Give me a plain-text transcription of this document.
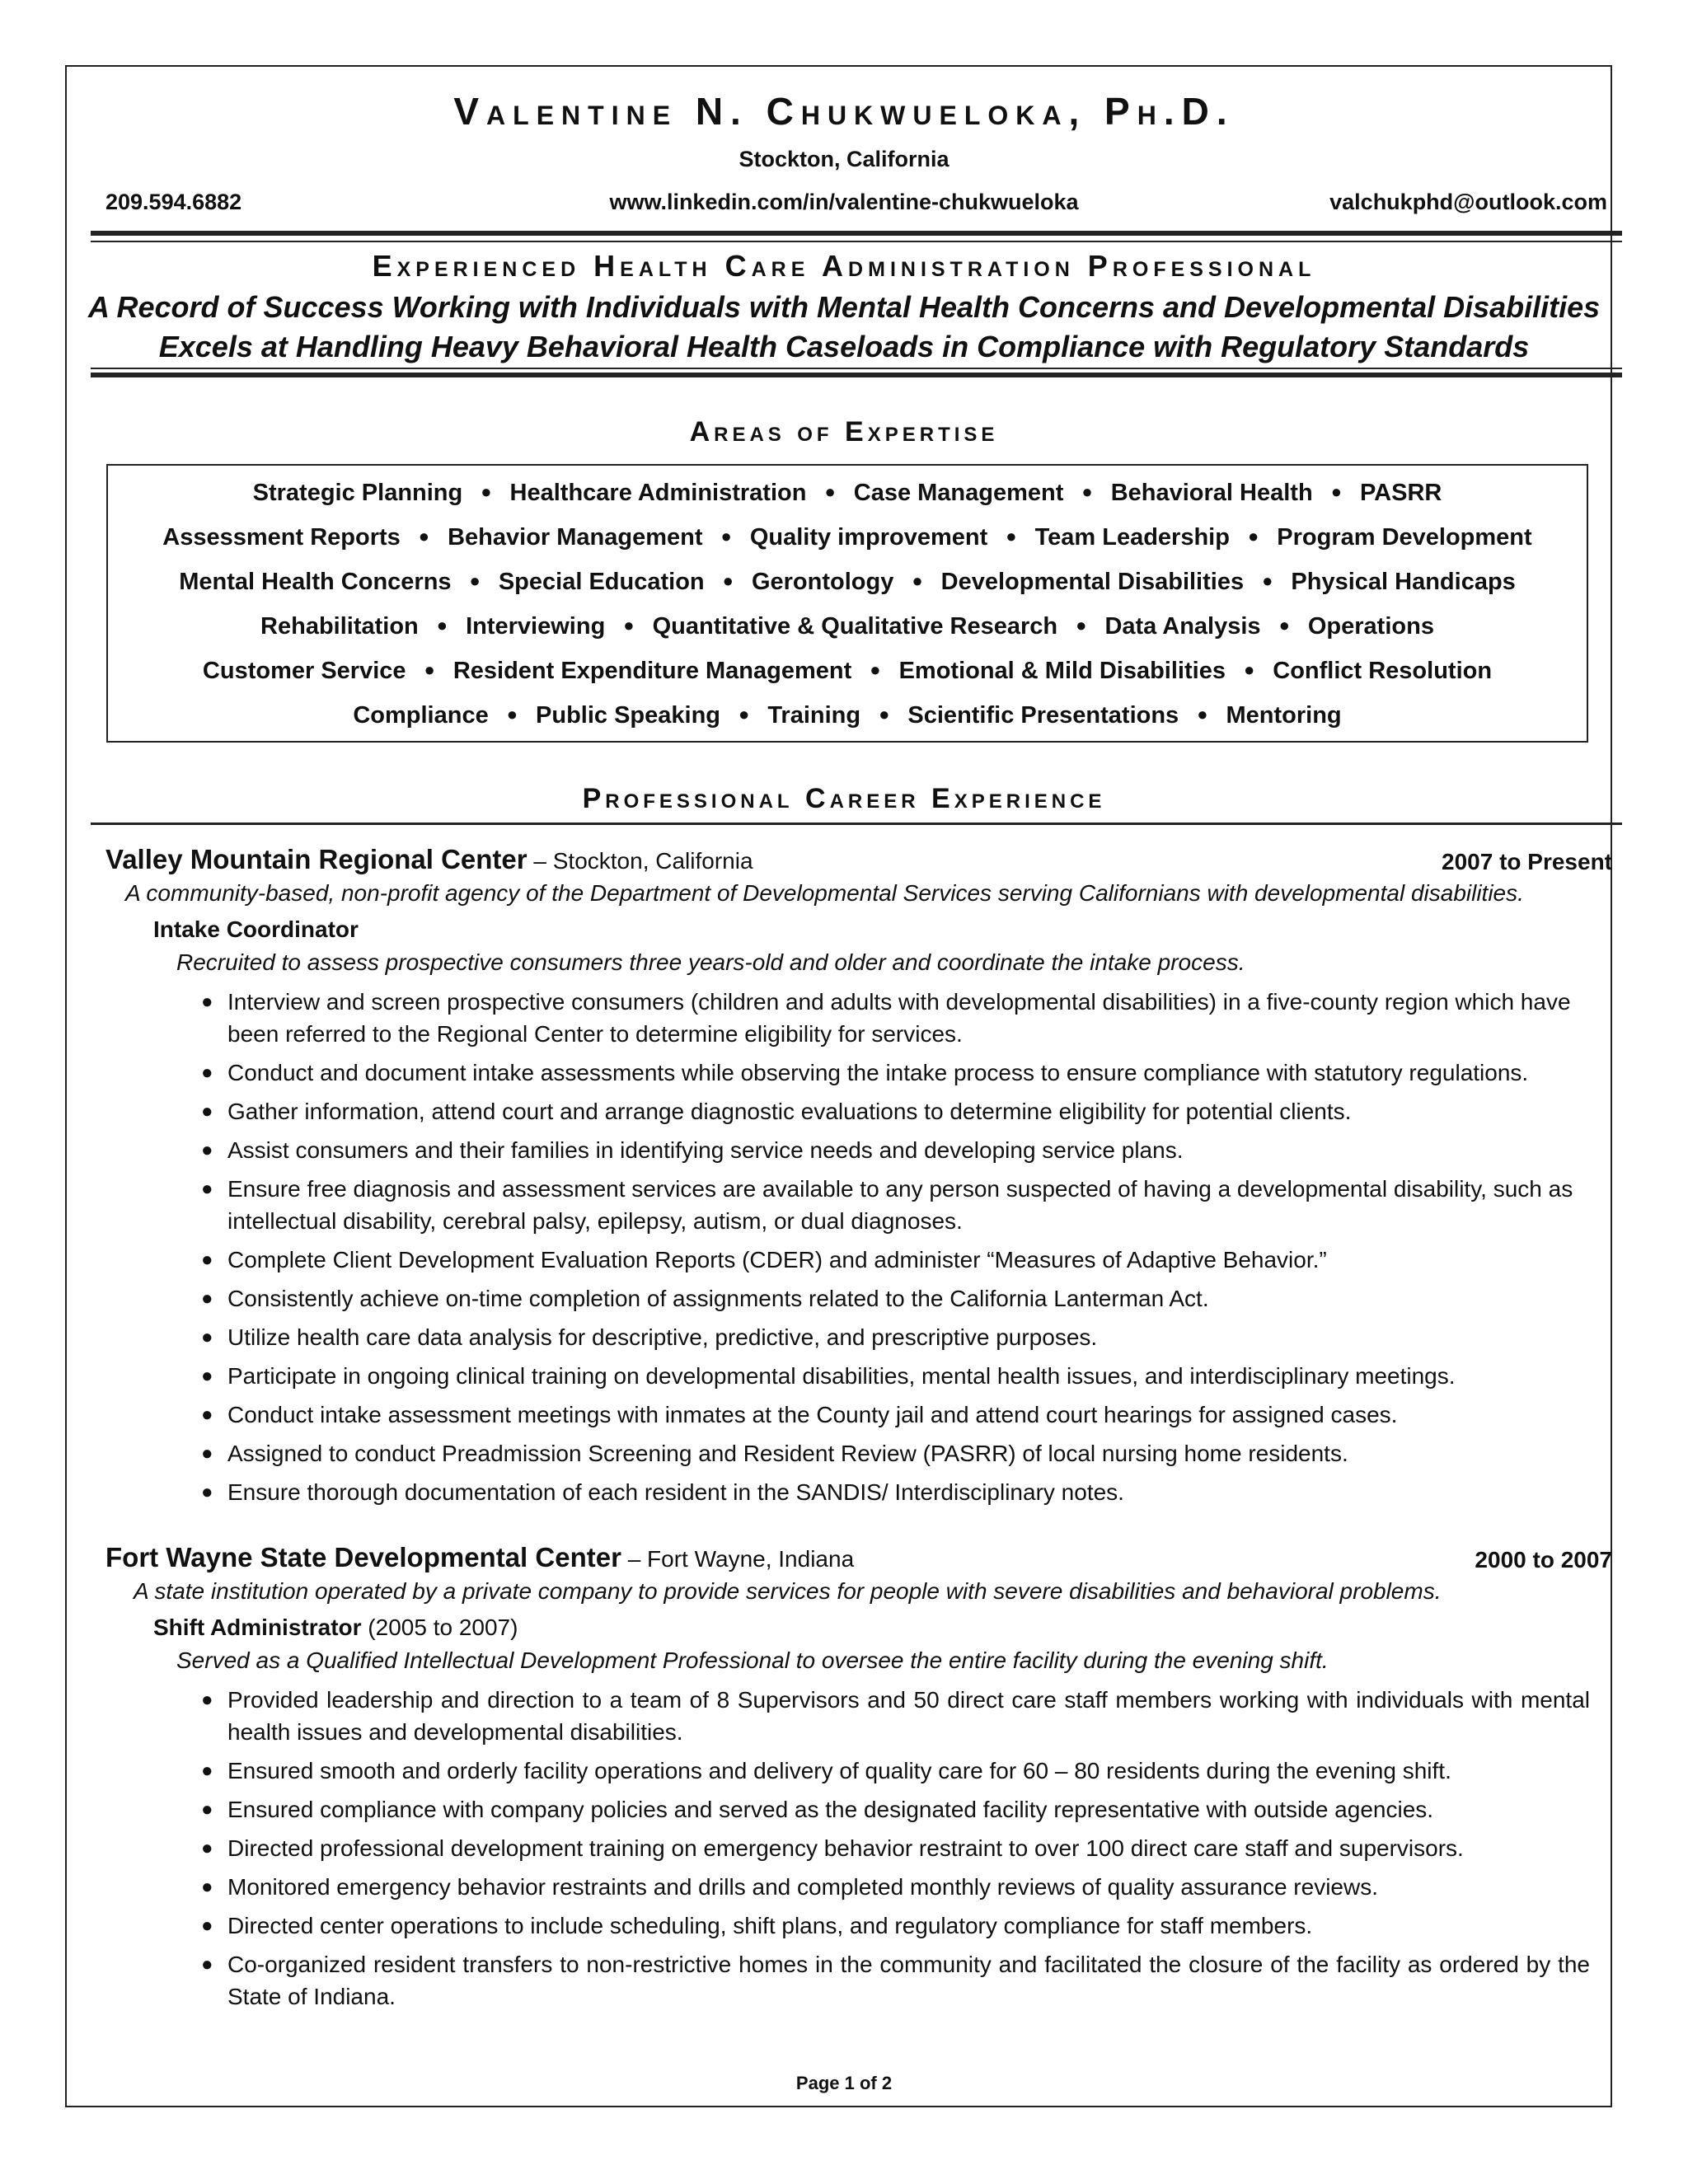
Valentine N. Chukwueloka, Ph.D.
Stockton, California
209.594.6882	www.linkedin.com/in/valentine-chukwueloka	valchukphd@outlook.com
Experienced Health Care Administration Professional
A Record of Success Working with Individuals with Mental Health Concerns and Developmental Disabilities
Excels at Handling Heavy Behavioral Health Caseloads in Compliance with Regulatory Standards
Areas of Expertise
Strategic Planning ● Healthcare Administration ● Case Management ● Behavioral Health ● PASRR
Assessment Reports ● Behavior Management ● Quality improvement ● Team Leadership ● Program Development
Mental Health Concerns ● Special Education ● Gerontology ● Developmental Disabilities ● Physical Handicaps
Rehabilitation ● Interviewing ● Quantitative & Qualitative Research ● Data Analysis ● Operations
Customer Service ● Resident Expenditure Management ● Emotional & Mild Disabilities ● Conflict Resolution
Compliance ● Public Speaking ● Training ● Scientific Presentations ● Mentoring
Professional Career Experience
Valley Mountain Regional Center – Stockton, California	2007 to Present
A community-based, non-profit agency of the Department of Developmental Services serving Californians with developmental disabilities.
Intake Coordinator
Recruited to assess prospective consumers three years-old and older and coordinate the intake process.
● Interview and screen prospective consumers (children and adults with developmental disabilities) in a five-county region which have been referred to the Regional Center to determine eligibility for services.
● Conduct and document intake assessments while observing the intake process to ensure compliance with statutory regulations.
● Gather information, attend court and arrange diagnostic evaluations to determine eligibility for potential clients.
● Assist consumers and their families in identifying service needs and developing service plans.
● Ensure free diagnosis and assessment services are available to any person suspected of having a developmental disability, such as intellectual disability, cerebral palsy, epilepsy, autism, or dual diagnoses.
● Complete Client Development Evaluation Reports (CDER) and administer “Measures of Adaptive Behavior.”
● Consistently achieve on-time completion of assignments related to the California Lanterman Act.
● Utilize health care data analysis for descriptive, predictive, and prescriptive purposes.
● Participate in ongoing clinical training on developmental disabilities, mental health issues, and interdisciplinary meetings.
● Conduct intake assessment meetings with inmates at the County jail and attend court hearings for assigned cases.
● Assigned to conduct Preadmission Screening and Resident Review (PASRR) of local nursing home residents.
● Ensure thorough documentation of each resident in the SANDIS/ Interdisciplinary notes.
Fort Wayne State Developmental Center – Fort Wayne, Indiana	2000 to 2007
A state institution operated by a private company to provide services for people with severe disabilities and behavioral problems.
Shift Administrator (2005 to 2007)
Served as a Qualified Intellectual Development Professional to oversee the entire facility during the evening shift.
● Provided leadership and direction to a team of 8 Supervisors and 50 direct care staff members working with individuals with mental health issues and developmental disabilities.
● Ensured smooth and orderly facility operations and delivery of quality care for 60 – 80 residents during the evening shift.
● Ensured compliance with company policies and served as the designated facility representative with outside agencies.
● Directed professional development training on emergency behavior restraint to over 100 direct care staff and supervisors.
● Monitored emergency behavior restraints and drills and completed monthly reviews of quality assurance reviews.
● Directed center operations to include scheduling, shift plans, and regulatory compliance for staff members.
● Co-organized resident transfers to non-restrictive homes in the community and facilitated the closure of the facility as ordered by the State of Indiana.
Page 1 of 2
